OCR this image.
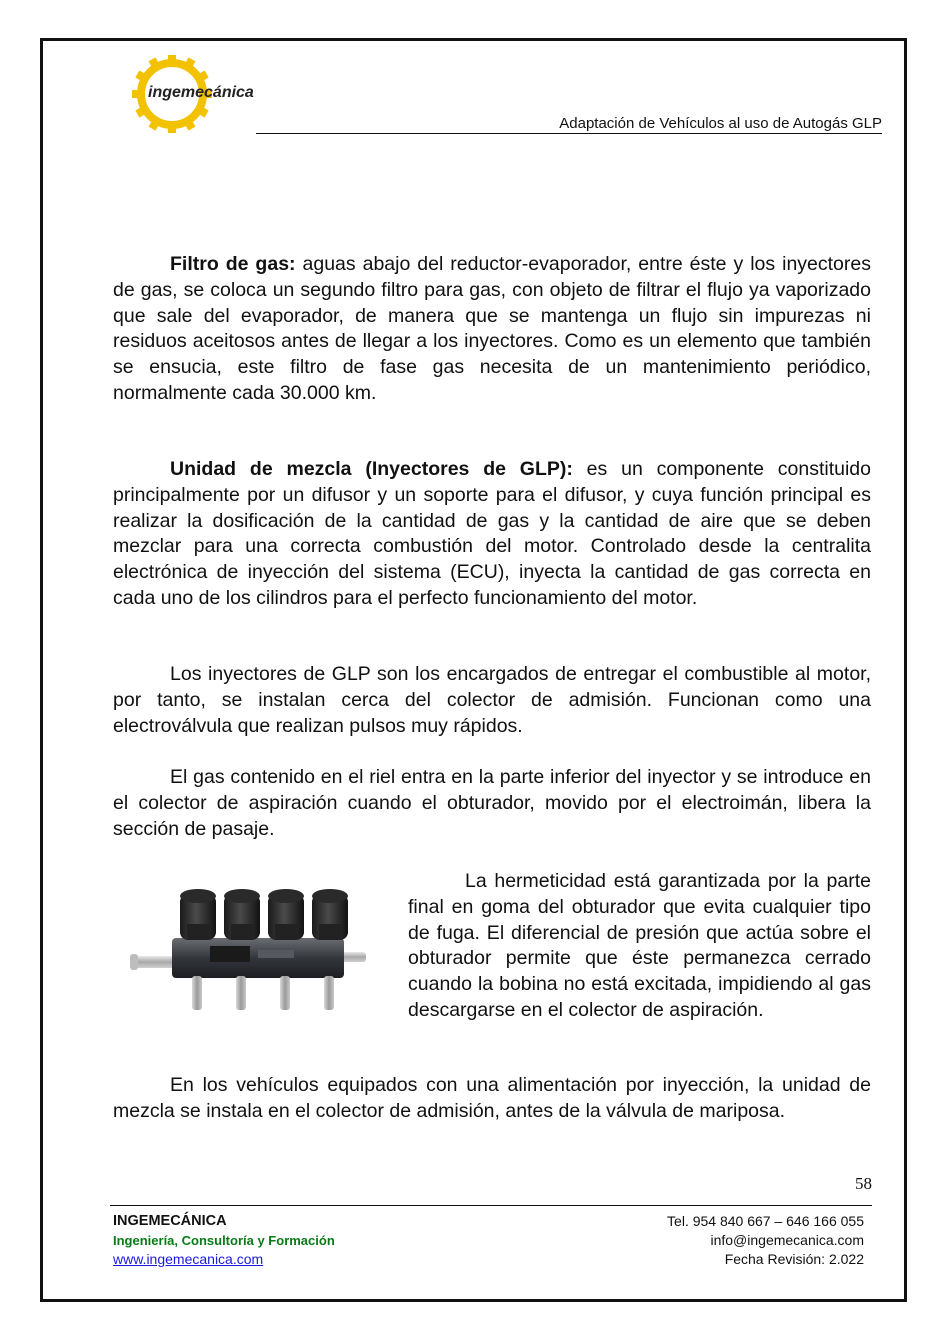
ingemecánica
Adaptación de Vehículos al uso de Autogás GLP

Filtro de gas: aguas abajo del reductor-evaporador, entre éste y los inyectores de gas, se coloca un segundo filtro para gas, con objeto de filtrar el flujo ya vaporizado que sale del evaporador, de manera que se mantenga un flujo sin impurezas ni residuos aceitosos antes de llegar a los inyectores. Como es un elemento que también se ensucia, este filtro de fase gas necesita de un mantenimiento periódico, normalmente cada 30.000 km.

Unidad de mezcla (Inyectores de GLP): es un componente constituido principalmente por un difusor y un soporte para el difusor, y cuya función principal es realizar la dosificación de la cantidad de gas y la cantidad de aire que se deben mezclar para una correcta combustión del motor. Controlado desde la centralita electrónica de inyección del sistema (ECU), inyecta la cantidad de gas correcta en cada uno de los cilindros para el perfecto funcionamiento del motor.

Los inyectores de GLP son los encargados de entregar el combustible al motor, por tanto, se instalan cerca del colector de admisión. Funcionan como una electroválvula que realizan pulsos muy rápidos.

El gas contenido en el riel entra en la parte inferior del inyector y se introduce en el colector de aspiración cuando el obturador, movido por el electroimán, libera la sección de pasaje.

La hermeticidad está garantizada por la parte final en goma del obturador que evita cualquier tipo de fuga. El diferencial de presión que actúa sobre el obturador permite que éste permanezca cerrado cuando la bobina no está excitada, impidiendo al gas descargarse en el colector de aspiración.

En los vehículos equipados con una alimentación por inyección, la unidad de mezcla se instala en el colector de admisión, antes de la válvula de mariposa.

58
INGEMECÁNICA
Ingeniería, Consultoría y Formación
www.ingemecanica.com
Tel. 954 840 667 – 646 166 055
info@ingemecanica.com
Fecha Revisión: 2.022
